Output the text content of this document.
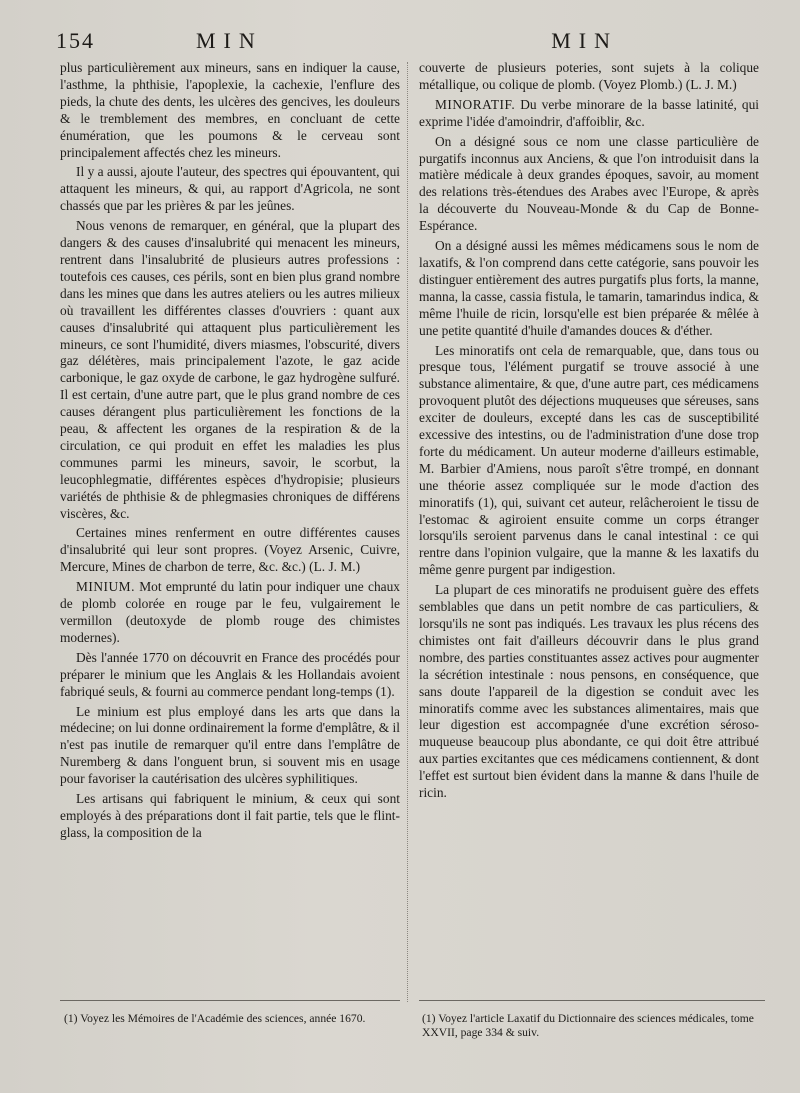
154	MIN	MIN

plus particulièrement aux mineurs, sans en indiquer la cause, l'asthme, la phthisie, l'apoplexie, la cachexie, l'enflure des pieds, la chute des dents, les ulcères des gencives, les douleurs & le tremblement des membres, en concluant de cette énumération, que les poumons & le cerveau sont principalement affectés chez les mineurs.

Il y a aussi, ajoute l'auteur, des spectres qui épouvantent, qui attaquent les mineurs, & qui, au rapport d'Agricola, ne sont chassés que par les prières & par les jeûnes.

Nous venons de remarquer, en général, que la plupart des dangers & des causes d'insalubrité qui menacent les mineurs, rentrent dans l'insalubrité de plusieurs autres professions : toutefois ces causes, ces périls, sont en bien plus grand nombre dans les mines que dans les autres ateliers ou les autres milieux où travaillent les différentes classes d'ouvriers : quant aux causes d'insalubrité qui attaquent plus particulièrement les mineurs, ce sont l'humidité, divers miasmes, l'obscurité, divers gaz délétères, mais principalement l'azote, le gaz acide carbonique, le gaz oxyde de carbone, le gaz hydrogène sulfuré. Il est certain, d'une autre part, que le plus grand nombre de ces causes dérangent plus particulièrement les fonctions de la peau, & affectent les organes de la respiration & de la circulation, ce qui produit en effet les maladies les plus communes parmi les mineurs, savoir, le scorbut, la leucophlegmatie, différentes espèces d'hydropisie; plusieurs variétés de phthisie & de phlegmasies chroniques de différens viscères, &c.

Certaines mines renferment en outre différentes causes d'insalubrité qui leur sont propres. (Voyez Arsenic, Cuivre, Mercure, Mines de charbon de terre, &c. &c.) (L. J. M.)

MINIUM. Mot emprunté du latin pour indiquer une chaux de plomb colorée en rouge par le feu, vulgairement le vermillon (deutoxyde de plomb rouge des chimistes modernes).

Dès l'année 1770 on découvrit en France des procédés pour préparer le minium que les Anglais & les Hollandais avoient fabriqué seuls, & fourni au commerce pendant long-temps (1).

Le minium est plus employé dans les arts que dans la médecine; on lui donne ordinairement la forme d'emplâtre, & il n'est pas inutile de remarquer qu'il entre dans l'emplâtre de Nuremberg & dans l'onguent brun, si souvent mis en usage pour favoriser la cautérisation des ulcères syphilitiques.

Les artisans qui fabriquent le minium, & ceux qui sont employés à des préparations dont il fait partie, tels que le flint-glass, la composition de la

couverte de plusieurs poteries, sont sujets à la colique métallique, ou colique de plomb. (Voyez Plomb.) (L. J. M.)

MINORATIF. Du verbe minorare de la basse latinité, qui exprime l'idée d'amoindrir, d'affoiblir, &c.

On a désigné sous ce nom une classe particulière de purgatifs inconnus aux Anciens, & que l'on introduisit dans la matière médicale à deux grandes époques, savoir, au moment des relations très-étendues des Arabes avec l'Europe, & après la découverte du Nouveau-Monde & du Cap de Bonne-Espérance.

On a désigné aussi les mêmes médicamens sous le nom de laxatifs, & l'on comprend dans cette catégorie, sans pouvoir les distinguer entièrement des autres purgatifs plus forts, la manne, manna, la casse, cassia fistula, le tamarin, tamarindus indica, & même l'huile de ricin, lorsqu'elle est bien préparée & mêlée à une petite quantité d'huile d'amandes douces & d'éther.

Les minoratifs ont cela de remarquable, que, dans tous ou presque tous, l'élément purgatif se trouve associé à une substance alimentaire, & que, d'une autre part, ces médicamens provoquent plutôt des déjections muqueuses que séreuses, sans exciter de douleurs, excepté dans les cas de susceptibilité excessive des intestins, ou de l'administration d'une dose trop forte du médicament. Un auteur moderne d'ailleurs estimable, M. Barbier d'Amiens, nous paroît s'être trompé, en donnant une théorie assez compliquée sur le mode d'action des minoratifs (1), qui, suivant cet auteur, relâcheroient le tissu de l'estomac & agiroient ensuite comme un corps étranger lorsqu'ils seroient parvenus dans le canal intestinal : ce qui rentre dans l'opinion vulgaire, que la manne & les laxatifs du même genre purgent par indigestion.

La plupart de ces minoratifs ne produisent guère des effets semblables que dans un petit nombre de cas particuliers, & lorsqu'ils ne sont pas indiqués. Les travaux les plus récens des chimistes ont fait d'ailleurs découvrir dans le plus grand nombre, des parties constituantes assez actives pour augmenter la sécrétion intestinale : nous pensons, en conséquence, que sans doute l'appareil de la digestion se conduit avec les minoratifs comme avec les substances alimentaires, mais que leur digestion est accompagnée d'une excrétion séroso-muqueuse beaucoup plus abondante, ce qui doit être attribué aux parties excitantes que ces médicamens contiennent, & dont l'effet est surtout bien évident dans la manne & dans l'huile de ricin.

(1) Voyez les Mémoires de l'Académie des sciences, année 1670.	(1) Voyez l'article Laxatif du Dictionnaire des sciences médicales, tome XXVII, page 334 & suiv.
